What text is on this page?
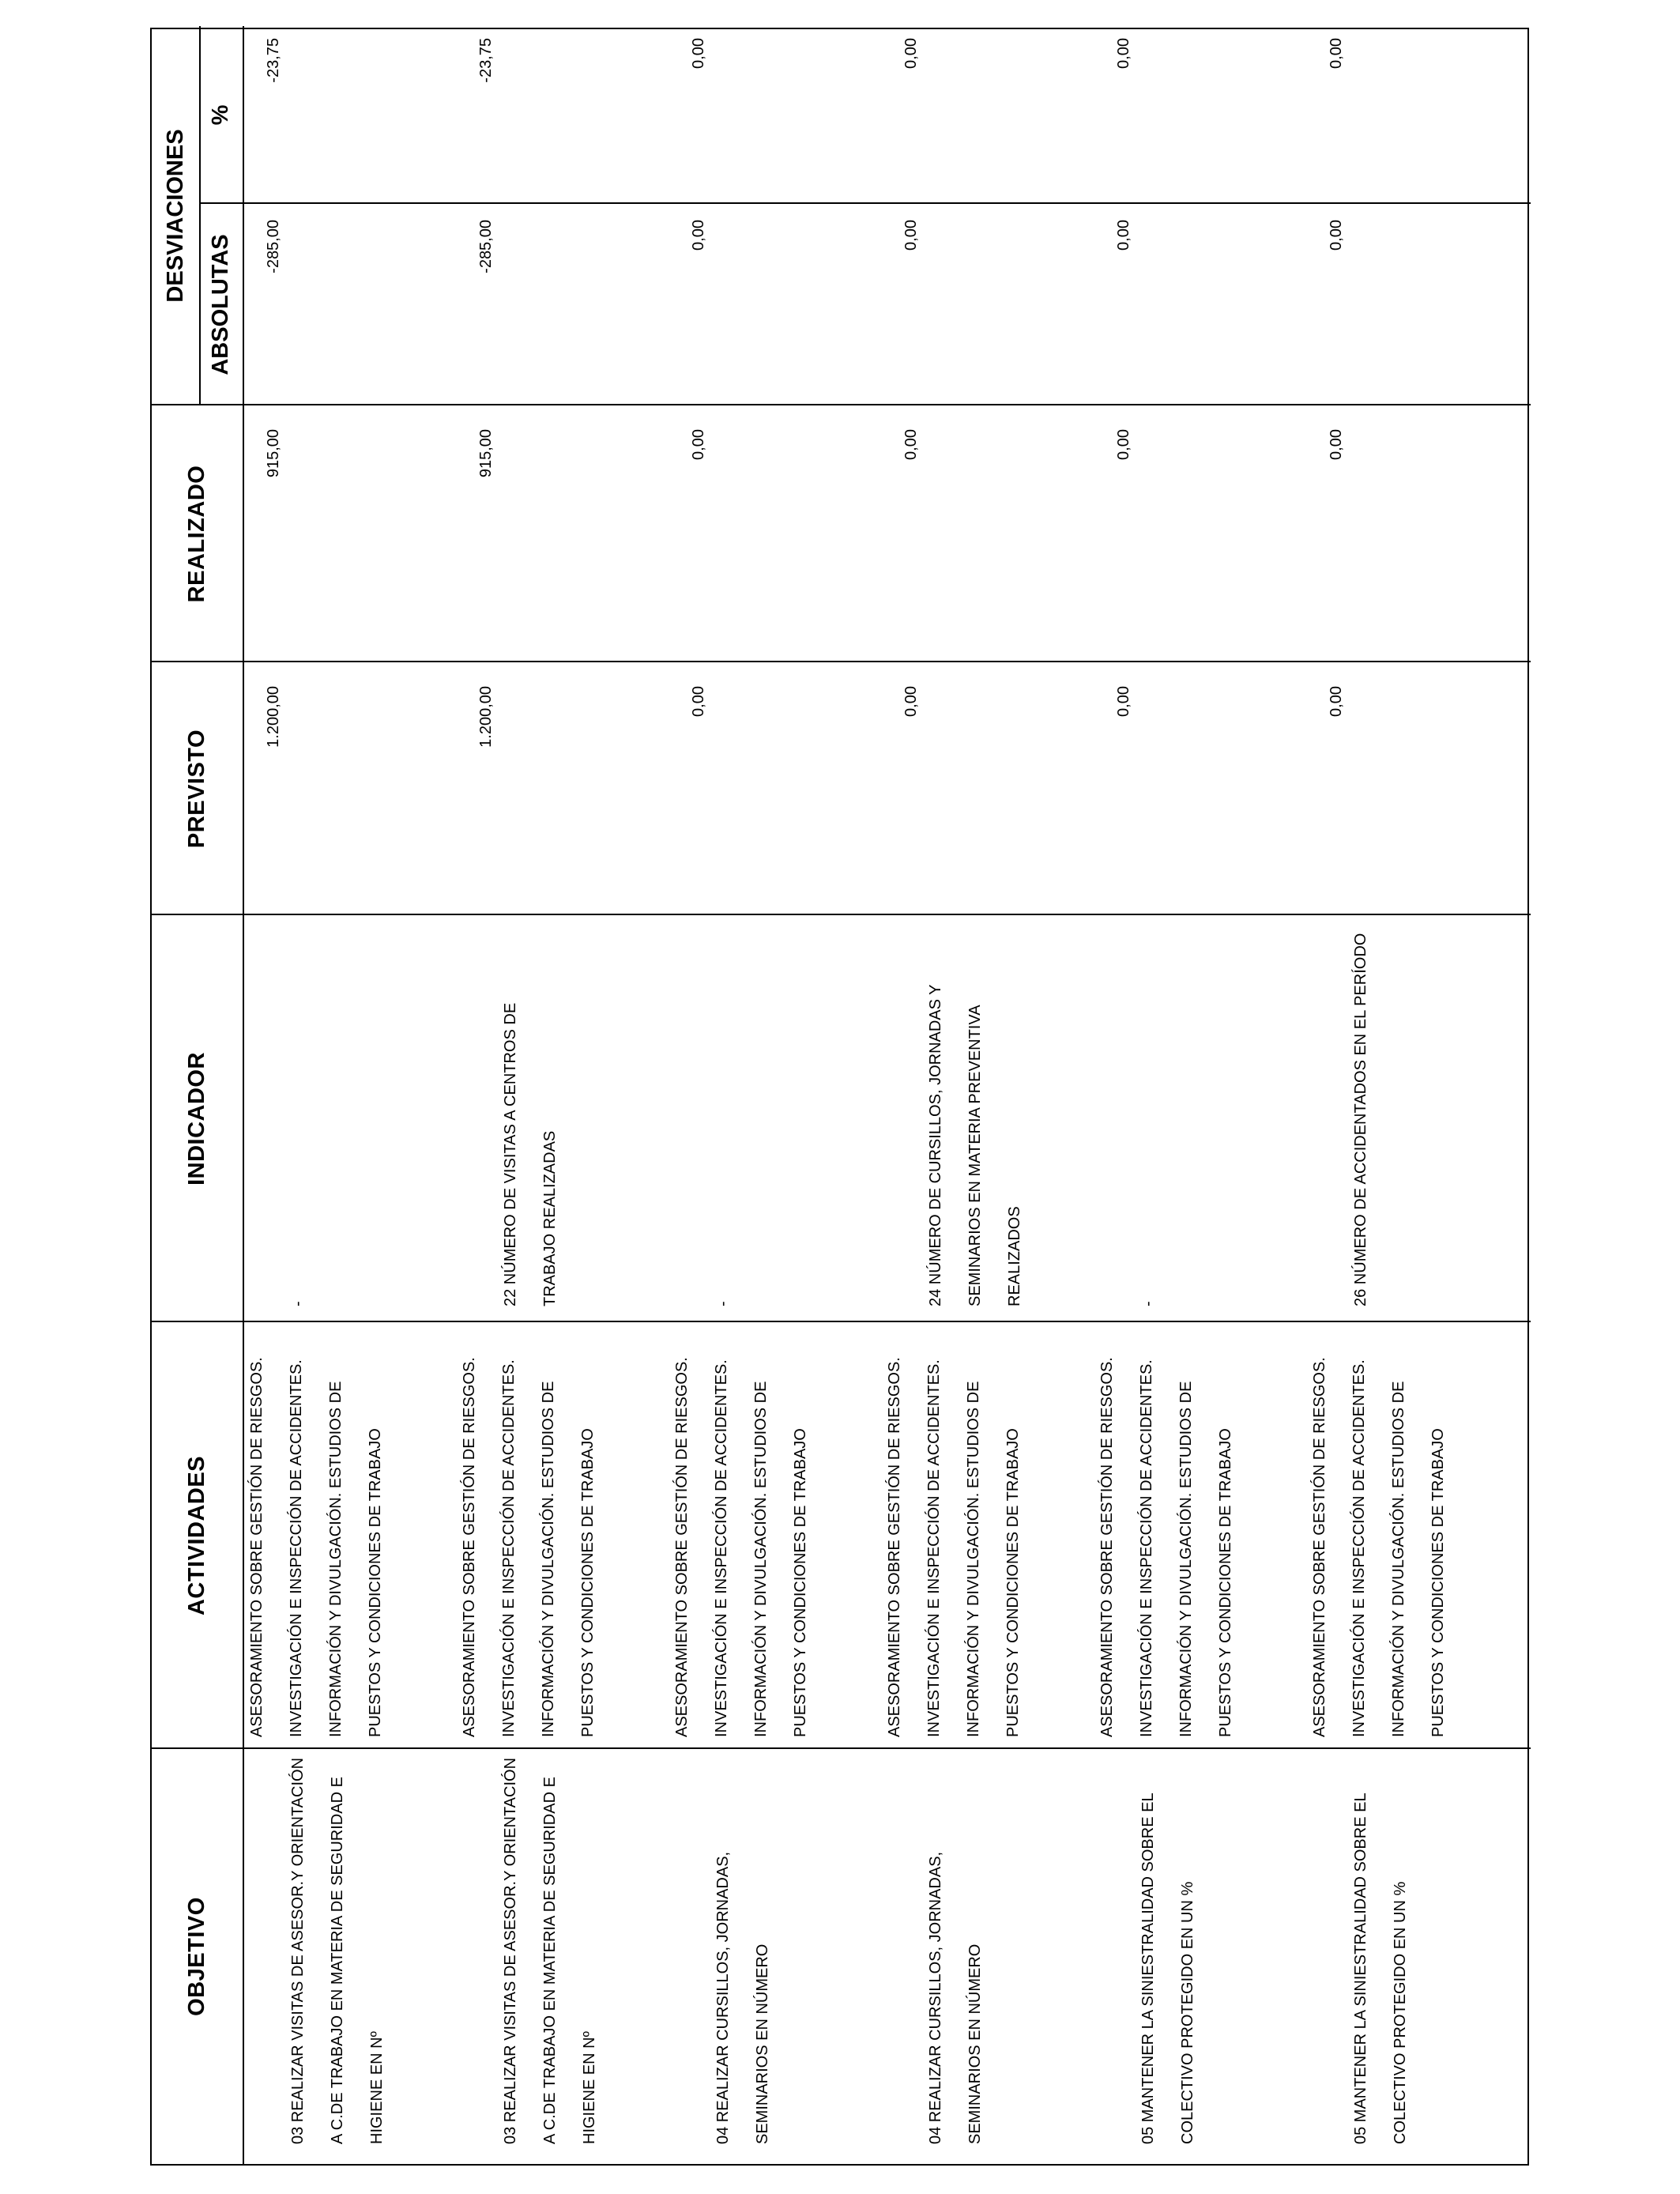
OBJETIVO
ACTIVIDADES
INDICADOR
PREVISTO
REALIZADO
DESVIACIONES
ABSOLUTAS
%
03 REALIZAR VISITAS DE ASESOR.Y ORIENTACIÓN A C.DE TRABAJO EN MATERIA DE SEGURIDAD E HIGIENE EN Nº
ASESORAMIENTO SOBRE GESTIÓN DE RIESGOS. INVESTIGACIÓN E INSPECCIÓN DE ACCIDENTES. INFORMACIÓN Y DIVULGACIÓN. ESTUDIOS DE PUESTOS Y CONDICIONES DE TRABAJO
-
1.200,00
915,00
-285,00
-23,75
03 REALIZAR VISITAS DE ASESOR.Y ORIENTACIÓN A C.DE TRABAJO EN MATERIA DE SEGURIDAD E HIGIENE EN Nº
ASESORAMIENTO SOBRE GESTIÓN DE RIESGOS. INVESTIGACIÓN E INSPECCIÓN DE ACCIDENTES. INFORMACIÓN Y DIVULGACIÓN. ESTUDIOS DE PUESTOS Y CONDICIONES DE TRABAJO
22 NÚMERO DE VISITAS A CENTROS DE TRABAJO REALIZADAS
1.200,00
915,00
-285,00
-23,75
04 REALIZAR CURSILLOS, JORNADAS, SEMINARIOS EN NÚMERO
ASESORAMIENTO SOBRE GESTIÓN DE RIESGOS. INVESTIGACIÓN E INSPECCIÓN DE ACCIDENTES. INFORMACIÓN Y DIVULGACIÓN. ESTUDIOS DE PUESTOS Y CONDICIONES DE TRABAJO
-
0,00
0,00
0,00
0,00
04 REALIZAR CURSILLOS, JORNADAS, SEMINARIOS EN NÚMERO
ASESORAMIENTO SOBRE GESTIÓN DE RIESGOS. INVESTIGACIÓN E INSPECCIÓN DE ACCIDENTES. INFORMACIÓN Y DIVULGACIÓN. ESTUDIOS DE PUESTOS Y CONDICIONES DE TRABAJO
24 NÚMERO DE CURSILLOS, JORNADAS Y SEMINARIOS EN MATERIA PREVENTIVA REALIZADOS
0,00
0,00
0,00
0,00
05 MANTENER LA SINIESTRALIDAD SOBRE EL COLECTIVO PROTEGIDO EN UN %
ASESORAMIENTO SOBRE GESTIÓN DE RIESGOS. INVESTIGACIÓN E INSPECCIÓN DE ACCIDENTES. INFORMACIÓN Y DIVULGACIÓN. ESTUDIOS DE PUESTOS Y CONDICIONES DE TRABAJO
-
0,00
0,00
0,00
0,00
05 MANTENER LA SINIESTRALIDAD SOBRE EL COLECTIVO PROTEGIDO EN UN %
ASESORAMIENTO SOBRE GESTIÓN DE RIESGOS. INVESTIGACIÓN E INSPECCIÓN DE ACCIDENTES. INFORMACIÓN Y DIVULGACIÓN. ESTUDIOS DE PUESTOS Y CONDICIONES DE TRABAJO
26 NÚMERO DE ACCIDENTADOS EN EL PERÍODO
0,00
0,00
0,00
0,00
